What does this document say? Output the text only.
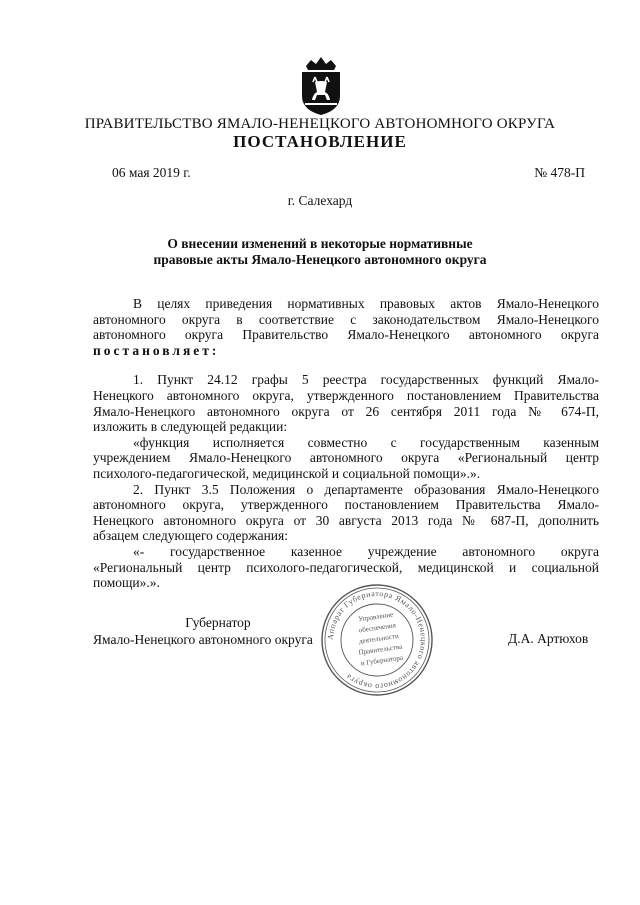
ПРАВИТЕЛЬСТВО ЯМАЛО-НЕНЕЦКОГО АВТОНОМНОГО ОКРУГА
ПОСТАНОВЛЕНИЕ
06 мая 2019 г.	№ 478-П
г. Салехард
О внесении изменений в некоторые нормативные
правовые акты Ямало-Ненецкого автономного округа
В целях приведения нормативных правовых актов Ямало-Ненецкого
автономного округа в соответствие с законодательством Ямало-Ненецкого
автономного округа Правительство Ямало-Ненецкого автономного округа
постановляет:
1. Пункт 24.12 графы 5 реестра государственных функций Ямало-
Ненецкого автономного округа, утвержденного постановлением Правительства
Ямало-Ненецкого автономного округа от 26 сентября 2011 года № 674-П,
изложить в следующей редакции:
«функция исполняется совместно с государственным казенным
учреждением Ямало-Ненецкого автономного округа «Региональный центр
психолого-педагогической, медицинской и социальной помощи».».
2. Пункт 3.5 Положения о департаменте образования Ямало-Ненецкого
автономного округа, утвержденного постановлением Правительства Ямало-
Ненецкого автономного округа от 30 августа 2013 года № 687-П, дополнить
абзацем следующего содержания:
«- государственное казенное учреждение автономного округа
«Региональный центр психолого-педагогической, медицинской и социальной
помощи».».
Аппарат Губернатора Ямало-Ненецкого автономного округа
Управление
обеспечения
деятельности
Правительства
и Губернатора
Губернатор
Ямало-Ненецкого автономного округа	Д.А. Артюхов
